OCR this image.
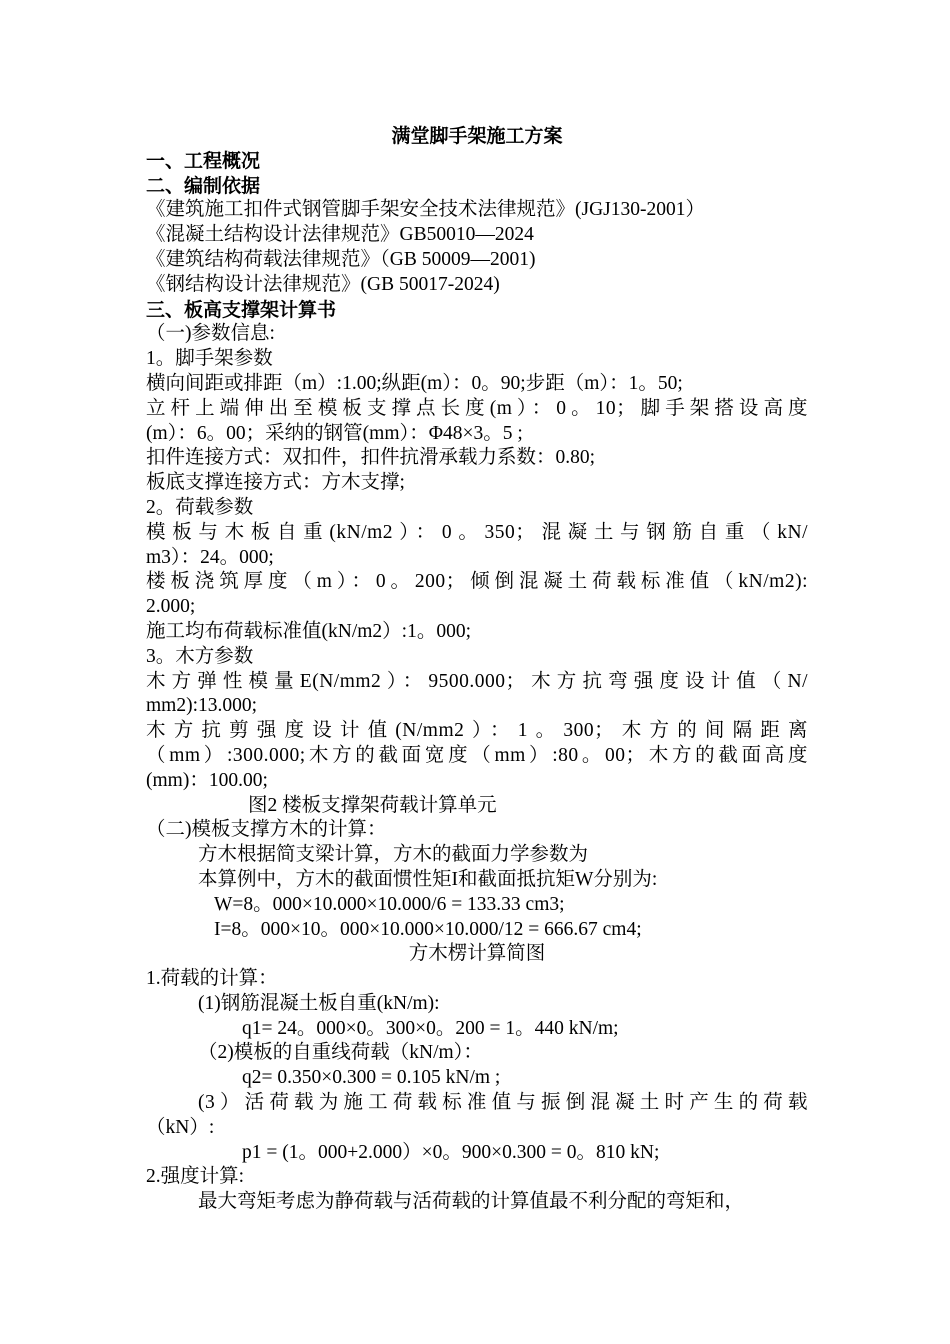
满堂脚手架施工方案
一、工程概况
二、编制依据
《建筑施工扣件式钢管脚手架安全技术法律规范》(JGJ130-2001）
《混凝土结构设计法律规范》GB50010—2024
《建筑结构荷载法律规范》（GB 50009—2001)
《钢结构设计法律规范》(GB 50017-2024)
三、板高支撑架计算书
（一)参数信息:
1。脚手架参数
横向间距或排距（m）:1.00;纵距(m）：0。90;步距（m）：1。50;
立杆上端伸出至模板支撑点长度(m）：0。10；脚手架搭设高度
(m）：6。00；采纳的钢管(mm）：Φ48×3。5 ;
扣件连接方式：双扣件，扣件抗滑承载力系数：0.80;
板底支撑连接方式：方木支撑;
2。荷载参数
模板与木板自重(kN/m2）：0。350；混凝土与钢筋自重（kN/
m3）：24。000;
楼板浇筑厚度（m）：0。200；倾倒混凝土荷载标准值（kN/m2):
2.000;
施工均布荷载标准值(kN/m2）:1。000;
3。木方参数
木方弹性模量E(N/mm2）：9500.000；木方抗弯强度设计值（N/
mm2):13.000;
木方抗剪强度设计值(N/mm2）：1。300；木方的间隔距离
（mm）:300.000;木方的截面宽度（mm）:80。00；木方的截面高度
(mm)：100.00;
图2 楼板支撑架荷载计算单元
（二)模板支撑方木的计算：
方木根据简支梁计算，方木的截面力学参数为
本算例中，方木的截面惯性矩I和截面抵抗矩W分别为:
W=8。000×10.000×10.000/6 = 133.33 cm3;
I=8。000×10。000×10.000×10.000/12 = 666.67 cm4;
方木楞计算简图
1.荷载的计算：
(1)钢筋混凝土板自重(kN/m):
q1= 24。000×0。300×0。200 = 1。440 kN/m;
（2)模板的自重线荷载（kN/m）：
q2= 0.350×0.300 = 0.105 kN/m ;
(3）活荷载为施工荷载标准值与振倒混凝土时产生的荷载
（kN）:
p1 = (1。000+2.000）×0。900×0.300 = 0。810 kN;
2.强度计算:
最大弯矩考虑为静荷载与活荷载的计算值最不利分配的弯矩和，
